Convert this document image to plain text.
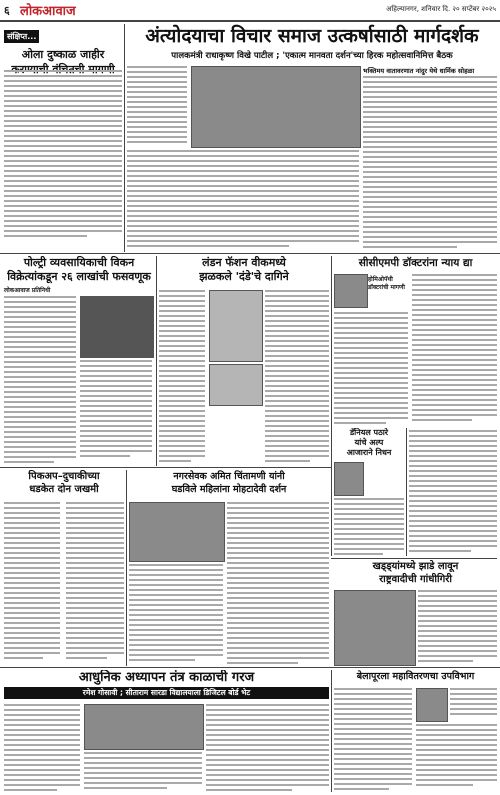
६ लोकआवाज	अहिल्यानगर, शनिवार दि. २० सप्टेंबर २०२५
संक्षिप्त...
ओला दुष्काळ जाहीर
अंत्योदयाचा विचार समाज उत्कर्षासाठी मार्गदर्शक
पालकमंत्री राधाकृष्ण विखे पाटील ; 'एकात्म मानवता दर्शन'च्या हिरक महोत्सवानिमित्त बैठक
भक्तिमय वातावरणात नांदुर येथे धार्मिक सोहळा
पोल्ट्री व्यवसायिकाची विकन
विक्रेत्यांकडून २६ लाखांची फसवणूक
लोकआवाज प्रतिनिधी
लंडन फॅशन वीकमध्ये
झळकले 'दंडे'चे दागिने
सीसीएमपी डॉक्टरांना न्याय द्या
होमिओपॅथी डॉक्टरांची मागणी
डॅनियल पठारे
यांचे अल्प
आजाराने निधन
पिकअप–दुचाकीच्या
धडकेत दोन जखमी
नगरसेवक अमित चिंतामणी यांनी
घडविले महिलांना मोहटादेवी दर्शन
खड्ड्यांमध्ये झाडे लावून
राष्ट्रवादीची गांधीगिरी
आधुनिक अध्यापन तंत्र काळाची गरज
रमेश गोसावी ; सीताराम सारडा विद्यालयाला डिजिटल बोर्ड भेट
बेलापूरला महावितरणचा उपविभाग
